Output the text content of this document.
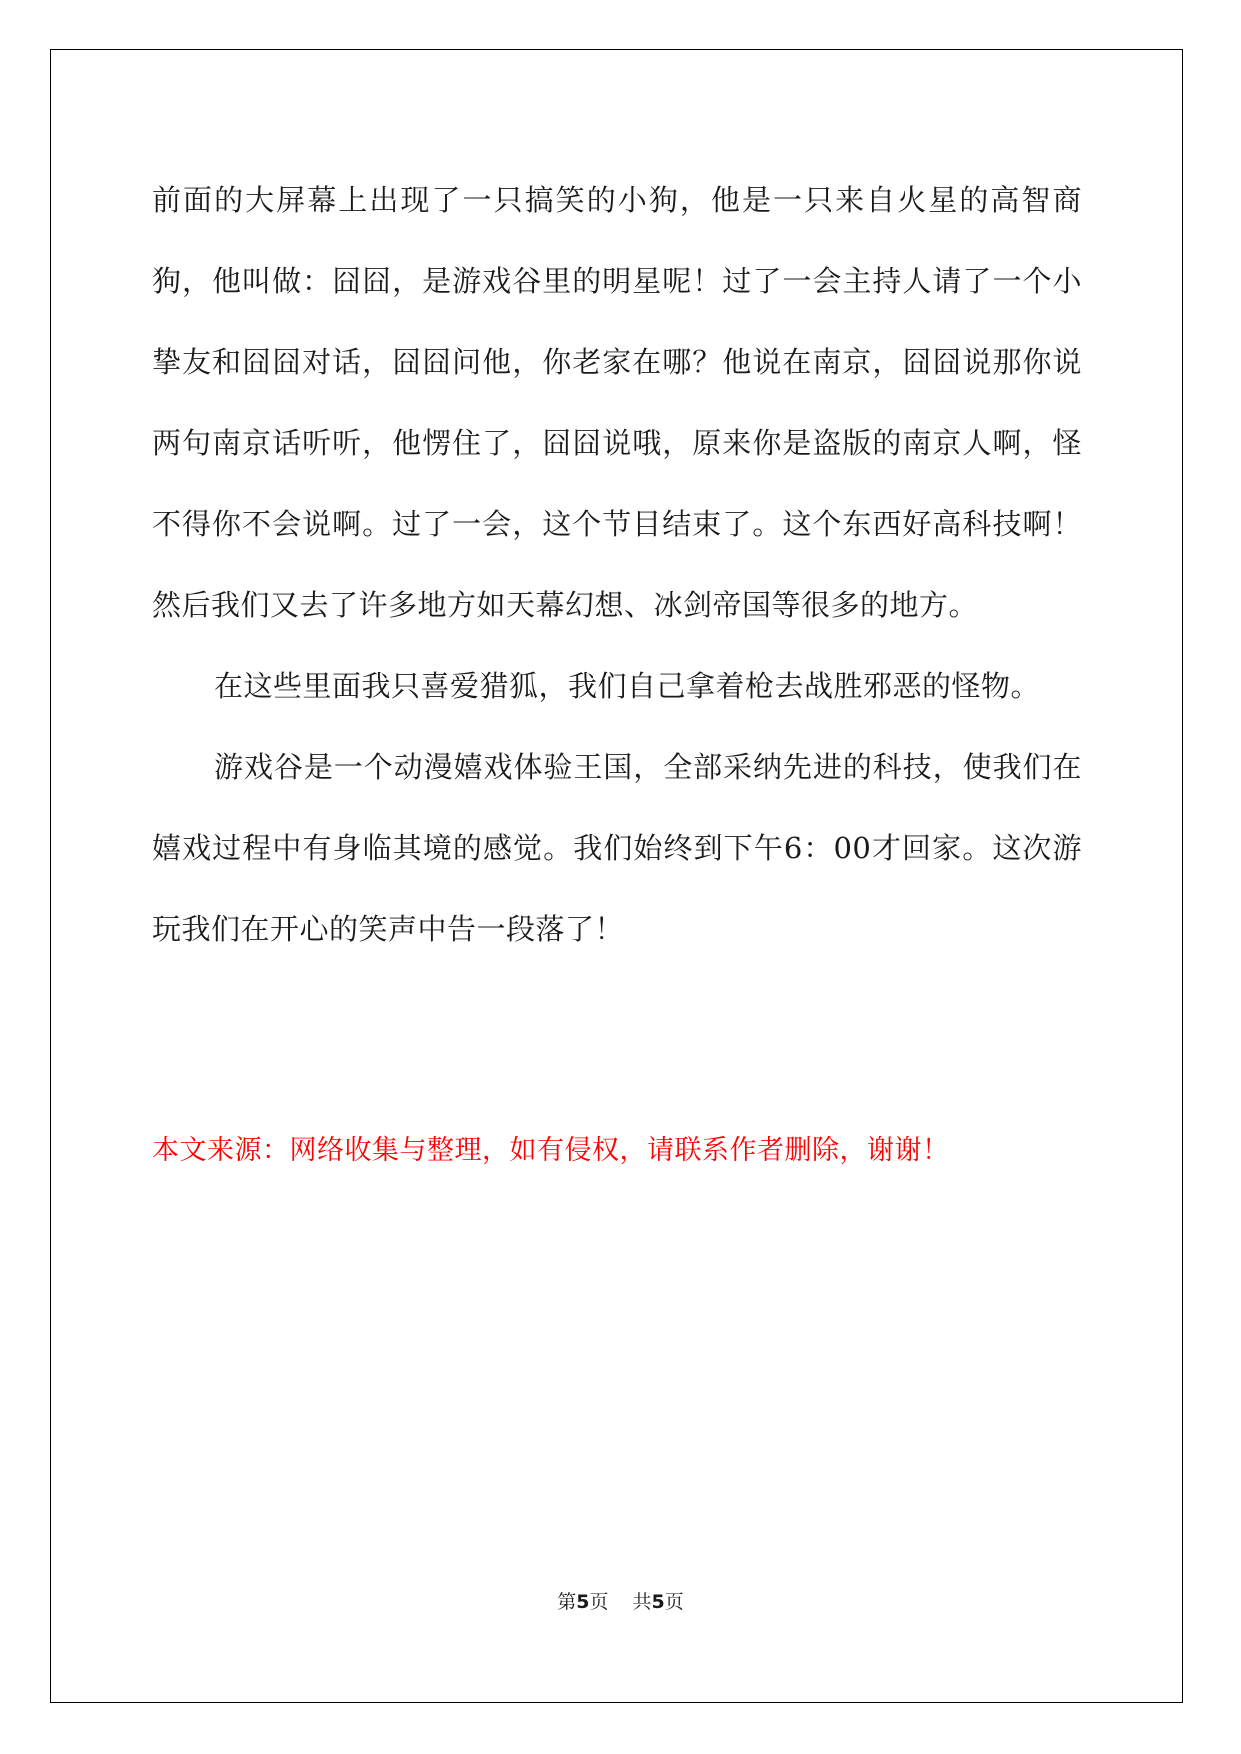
前面的大屏幕上出现了一只搞笑的小狗，他是一只来自火星的高智商狗，他叫做：囧囧，是游戏谷里的明星呢！过了一会主持人请了一个小挚友和囧囧对话，囧囧问他，你老家在哪？他说在南京，囧囧说那你说两句南京话听听，他愣住了，囧囧说哦，原来你是盗版的南京人啊，怪不得你不会说啊。过了一会，这个节目结束了。这个东西好高科技啊！然后我们又去了许多地方如天幕幻想、冰剑帝国等很多的地方。

在这些里面我只喜爱猎狐，我们自己拿着枪去战胜邪恶的怪物。

游戏谷是一个动漫嬉戏体验王国，全部采纳先进的科技，使我们在嬉戏过程中有身临其境的感觉。我们始终到下午6：00才回家。这次游玩我们在开心的笑声中告一段落了！

本文来源：网络收集与整理，如有侵权，请联系作者删除，谢谢！

第5页 共5页
